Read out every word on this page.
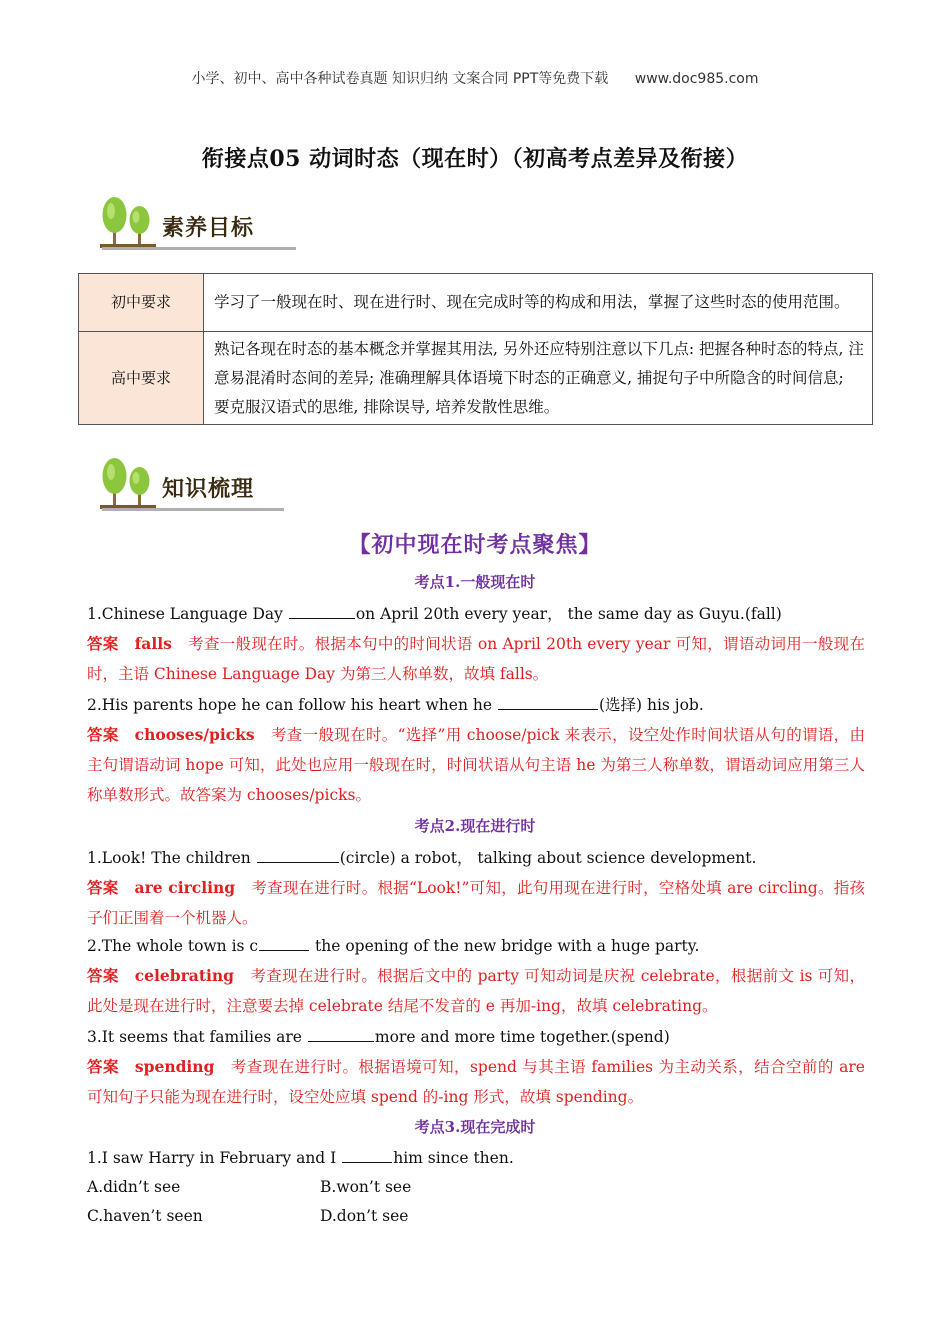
小学、初中、高中各种试卷真题 知识归纳 文案合同 PPT等免费下载 www.doc985.com
衔接点05 动词时态（现在时）（初高考点差异及衔接）
素养目标
初中要求	学习了一般现在时、现在进行时、现在完成时等的构成和用法，掌握了这些时态的使用范围。
高中要求	熟记各现在时态的基本概念并掌握其用法, 另外还应特别注意以下几点: 把握各种时态的特点, 注意易混淆时态间的差异; 准确理解具体语境下时态的正确意义, 捕捉句子中所隐含的时间信息; 要克服汉语式的思维, 排除误导, 培养发散性思维。
知识梳理
【初中现在时考点聚焦】
考点1.一般现在时
1.Chinese Language Day	on April 20th every year， the same day as Guyu.(fall)
答案 falls 考查一般现在时。根据本句中的时间状语 on April 20th every year 可知，谓语动词用一般现在时，主语 Chinese Language Day 为第三人称单数，故填 falls。
2.His parents hope he can follow his heart when he	(选择) his job.
答案 chooses/picks 考查一般现在时。“选择”用 choose/pick 来表示，设空处作时间状语从句的谓语，由主句谓语动词 hope 可知，此处也应用一般现在时，时间状语从句主语 he 为第三人称单数，谓语动词应用第三人称单数形式。故答案为 chooses/picks。
考点2.现在进行时
1.Look! The children	(circle) a robot， talking about science development.
答案 are circling 考查现在进行时。根据“Look!”可知，此句用现在进行时，空格处填 are circling。指孩子们正围着一个机器人。
2.The whole town is c	the opening of the new bridge with a huge party.
答案 celebrating 考查现在进行时。根据后文中的 party 可知动词是庆祝 celebrate，根据前文 is 可知，此处是现在进行时，注意要去掉 celebrate 结尾不发音的 e 再加-ing，故填 celebrating。
3.It seems that families are	more and more time together.(spend)
答案 spending 考查现在进行时。根据语境可知，spend 与其主语 families 为主动关系，结合空前的 are 可知句子只能为现在进行时，设空处应填 spend 的-ing 形式，故填 spending。
考点3.现在完成时
1.I saw Harry in February and I	him since then.
A.didn’t see	B.won’t see
C.haven’t seen	D.don’t see
